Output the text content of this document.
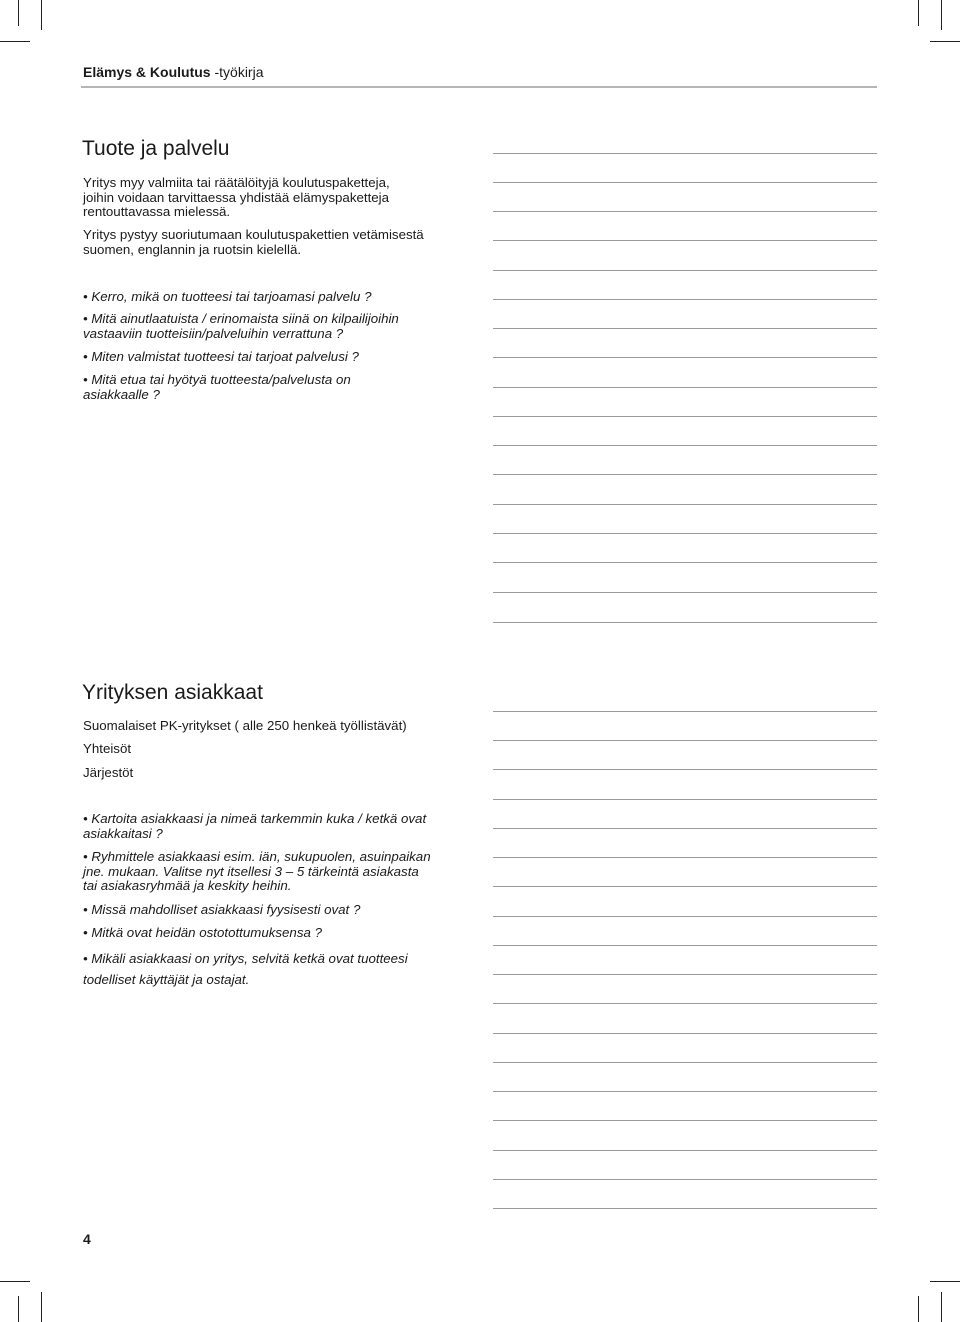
Elämys & Koulutus -työkirja
Tuote ja palvelu

Yritys myy valmiita tai räätälöityjä koulutuspaketteja,

joihin voidaan tarvittaessa yhdistää elämyspaketteja

rentouttavassa mielessä.

Yritys pystyy suoriutumaan koulutuspakettien vetämisestä

suomen, englannin ja ruotsin kielellä.

• Kerro, mikä on tuotteesi tai tarjoamasi palvelu ?

• Mitä ainutlaatuista / erinomaista siinä on kilpailijoihin

vastaaviin tuotteisiin/palveluihin verrattuna ?

• Miten valmistat tuotteesi tai tarjoat palvelusi ?

• Mitä etua tai hyötyä tuotteesta/palvelusta on

asiakkaalle ?

Yrityksen asiakkaat
Suomalaiset PK-yritykset ( alle 250 henkeä työllistävät)
Yhteisöt
Järjestöt

• Kartoita asiakkaasi ja nimeä tarkemmin kuka / ketkä ovat

asiakkaitasi ?

• Ryhmittele asiakkaasi esim. iän, sukupuolen, asuinpaikan

jne. mukaan. Valitse nyt itsellesi 3 – 5 tärkeintä asiakasta

tai asiakasryhmää ja keskity heihin.

• Missä mahdolliset asiakkaasi fyysisesti ovat ?

• Mitkä ovat heidän ostotottumuksensa ?

• Mikäli asiakkaasi on yritys, selvitä ketkä ovat tuotteesi

todelliset käyttäjät ja ostajat.

4
